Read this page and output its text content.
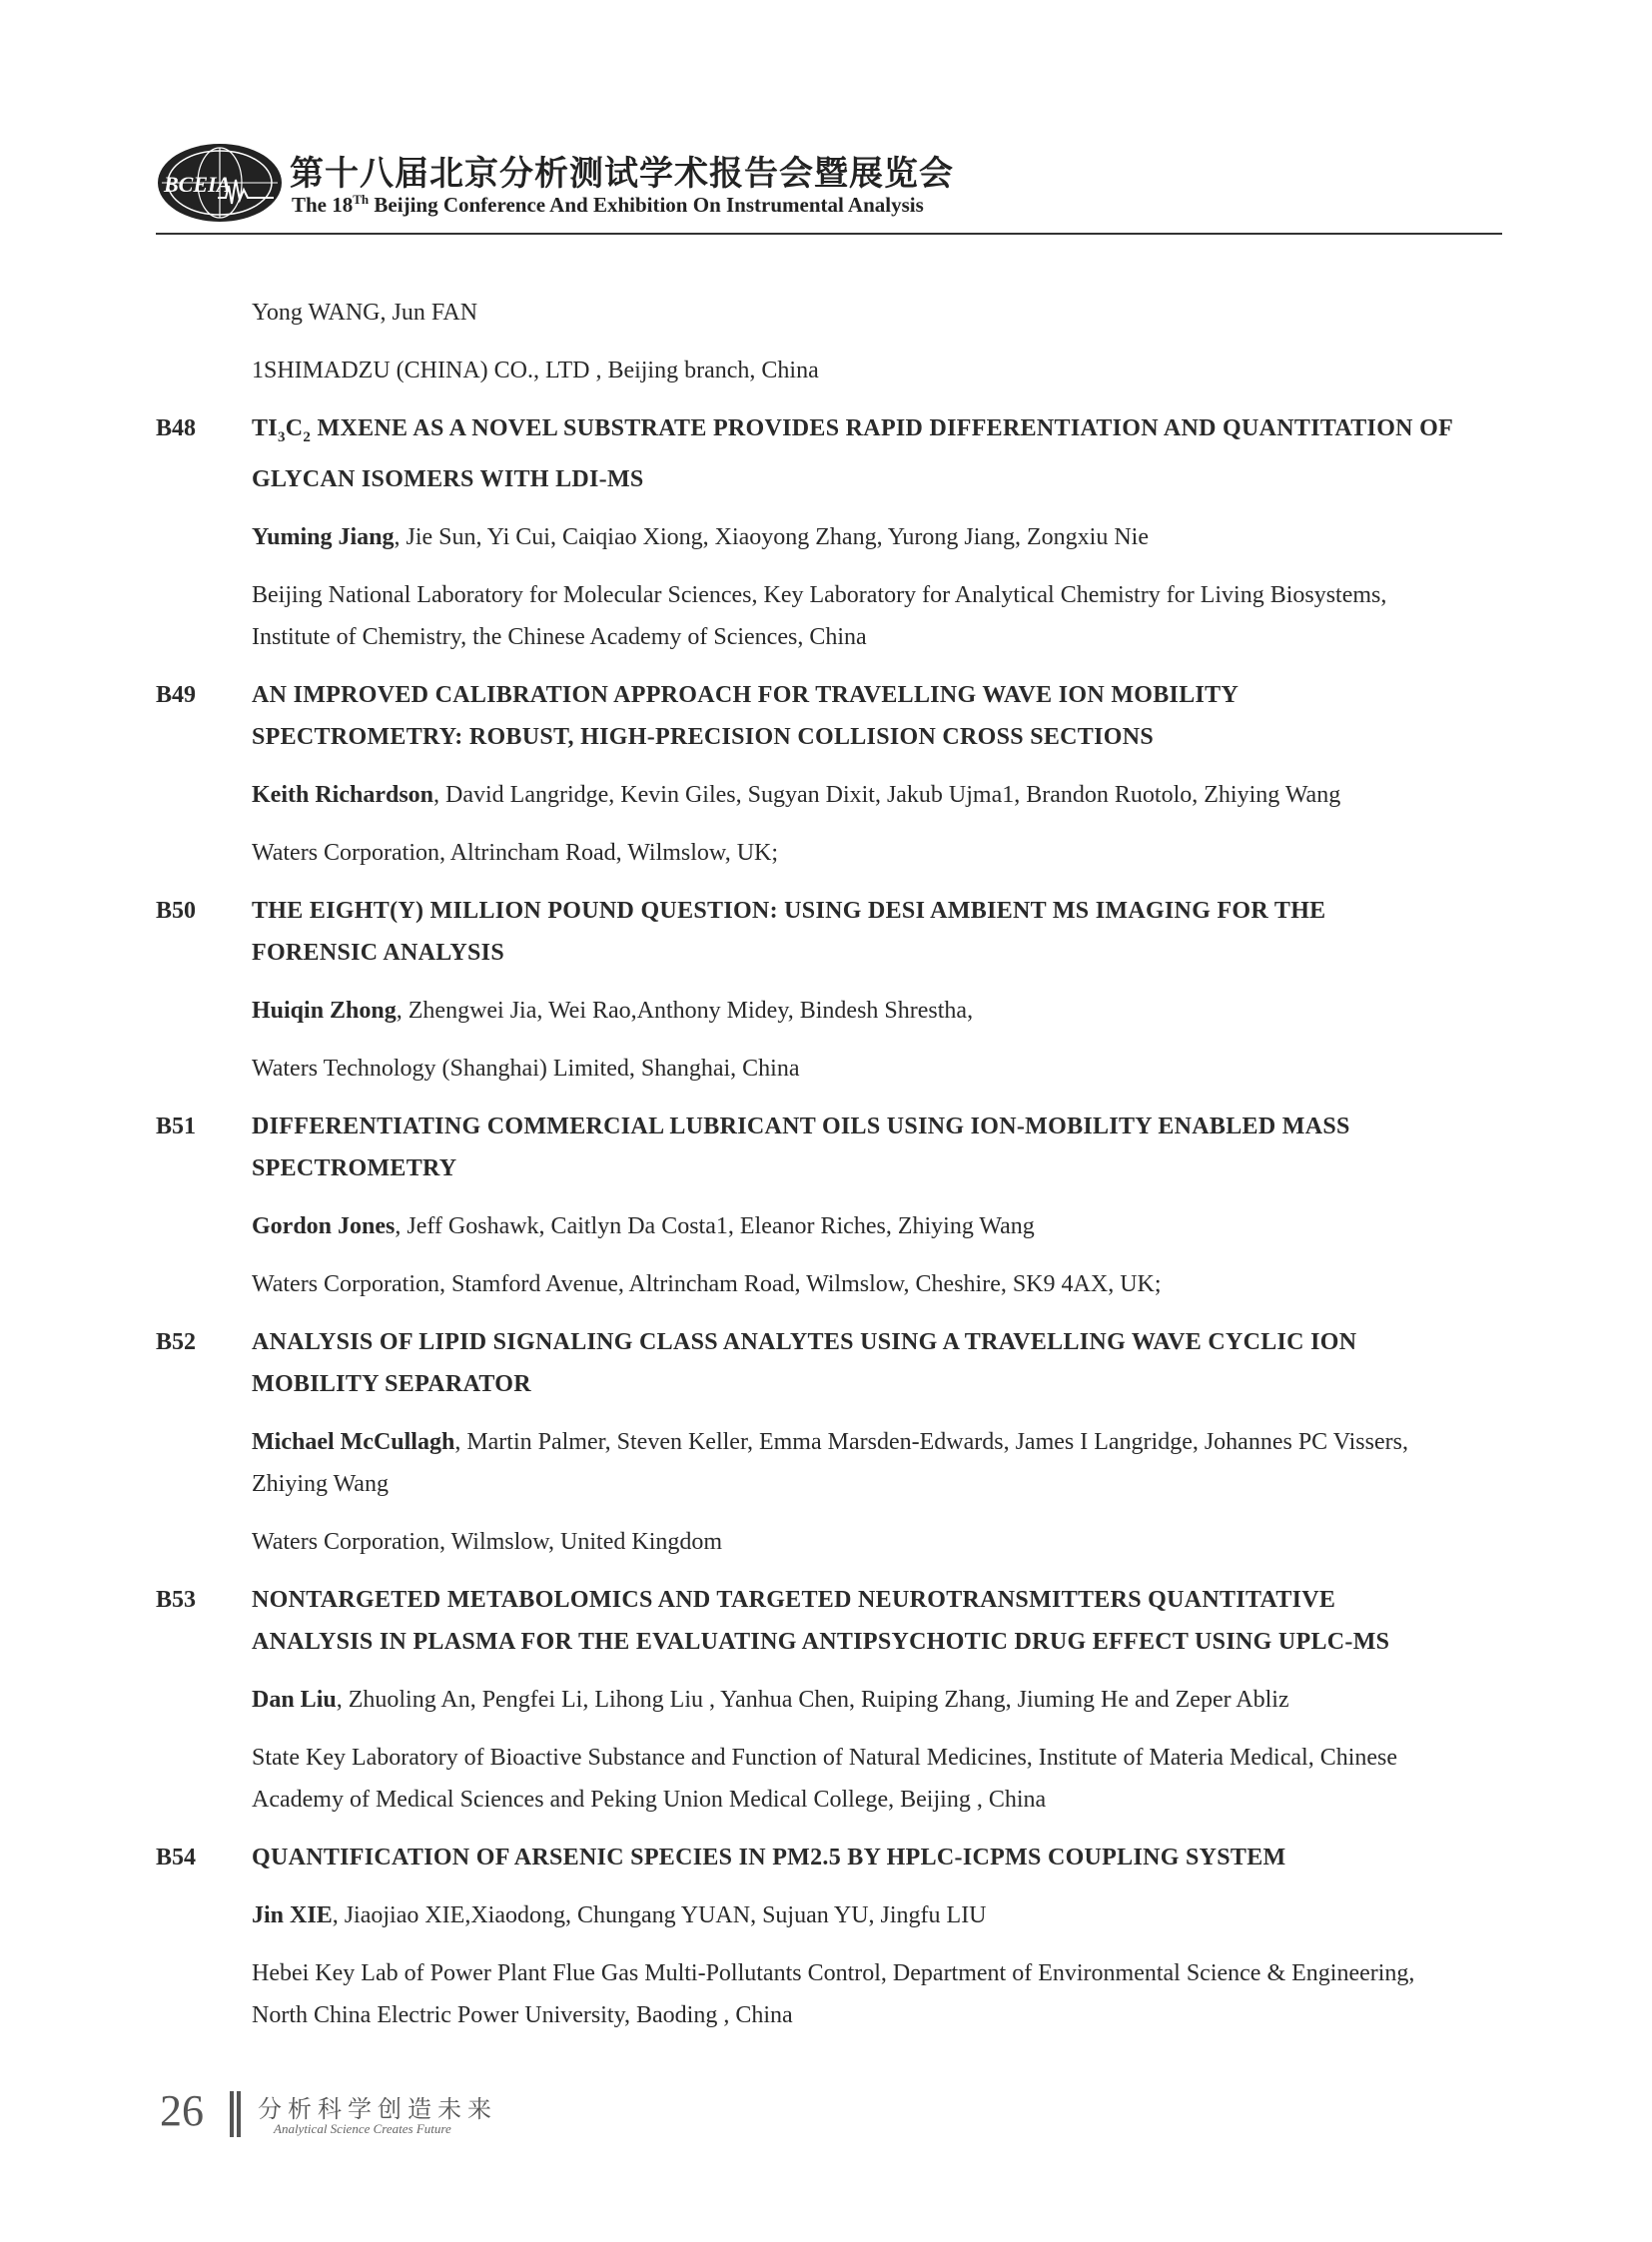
BCEIA 第十八届北京分析测试学术报告会暨展览会
The 18Th Beijing Conference And Exhibition On Instrumental Analysis
Yong WANG, Jun FAN
1SHIMADZU (CHINA) CO., LTD , Beijing branch, China
B48 $TI_3C_2$ MXENE AS A NOVEL SUBSTRATE PROVIDES RAPID DIFFERENTIATION AND QUANTITATION OF GLYCAN ISOMERS WITH LDI-MS
Yuming Jiang, Jie Sun, Yi Cui, Caiqiao Xiong, Xiaoyong Zhang, Yurong Jiang, Zongxiu Nie
Beijing National Laboratory for Molecular Sciences, Key Laboratory for Analytical Chemistry for Living Biosystems, Institute of Chemistry, the Chinese Academy of Sciences, China
B49 AN IMPROVED CALIBRATION APPROACH FOR TRAVELLING WAVE ION MOBILITY SPECTROMETRY: ROBUST, HIGH-PRECISION COLLISION CROSS SECTIONS
Keith Richardson, David Langridge, Kevin Giles, Sugyan Dixit, Jakub Ujma1, Brandon Ruotolo, Zhiying Wang
Waters Corporation, Altrincham Road, Wilmslow, UK;
B50 THE EIGHT(Y) MILLION POUND QUESTION: USING DESI AMBIENT MS IMAGING FOR THE FORENSIC ANALYSIS
Huiqin Zhong, Zhengwei Jia, Wei Rao,Anthony Midey, Bindesh Shrestha,
Waters Technology (Shanghai) Limited, Shanghai, China
B51 DIFFERENTIATING COMMERCIAL LUBRICANT OILS USING ION-MOBILITY ENABLED MASS SPECTROMETRY
Gordon Jones, Jeff Goshawk, Caitlyn Da Costa1, Eleanor Riches, Zhiying Wang
Waters Corporation, Stamford Avenue, Altrincham Road, Wilmslow, Cheshire, SK9 4AX, UK;
B52 ANALYSIS OF LIPID SIGNALING CLASS ANALYTES USING A TRAVELLING WAVE CYCLIC ION MOBILITY SEPARATOR
Michael McCullagh, Martin Palmer, Steven Keller, Emma Marsden-Edwards, James I Langridge, Johannes PC Vissers, Zhiying Wang
Waters Corporation, Wilmslow, United Kingdom
B53 NONTARGETED METABOLOMICS AND TARGETED NEUROTRANSMITTERS QUANTITATIVE ANALYSIS IN PLASMA FOR THE EVALUATING ANTIPSYCHOTIC DRUG EFFECT USING UPLC-MS
Dan Liu, Zhuoling An, Pengfei Li, Lihong Liu , Yanhua Chen, Ruiping Zhang, Jiuming He and Zeper Abliz
State Key Laboratory of Bioactive Substance and Function of Natural Medicines, Institute of Materia Medical, Chinese Academy of Medical Sciences and Peking Union Medical College, Beijing , China
B54 QUANTIFICATION OF ARSENIC SPECIES IN PM2.5 BY HPLC-ICPMS COUPLING SYSTEM
Jin XIE, Jiaojiao XIE,Xiaodong, Chungang YUAN, Sujuan YU, Jingfu LIU
Hebei Key Lab of Power Plant Flue Gas Multi-Pollutants Control, Department of Environmental Science & Engineering, North China Electric Power University, Baoding , China
26 分析科学创造未来
Analytical Science Creates Future
